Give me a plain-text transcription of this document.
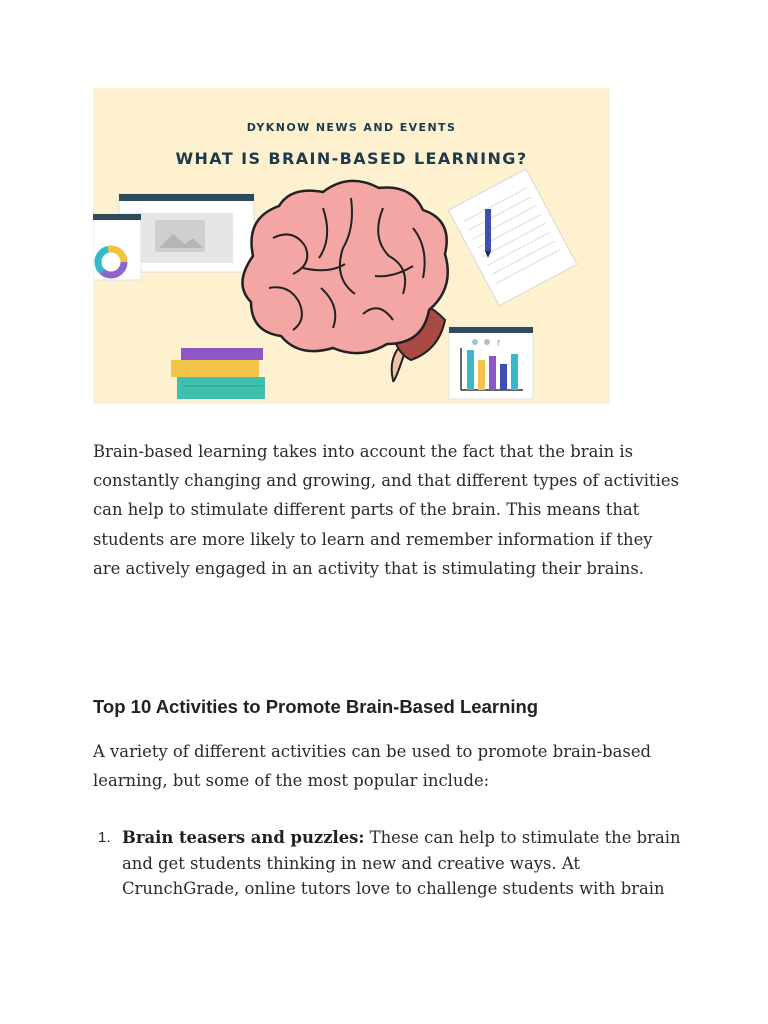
f
DYKNOW NEWS AND EVENTS
WHAT IS BRAIN-BASED LEARNING?

Brain-based learning takes into account the fact that the brain is constantly changing and growing, and that different types of activities can help to stimulate different parts of the brain. This means that students are more likely to learn and remember information if they are actively engaged in an activity that is stimulating their brains.

Top 10 Activities to Promote Brain-Based Learning

A variety of different activities can be used to promote brain-based learning, but some of the most popular include:

1. Brain teasers and puzzles: These can help to stimulate the brain and get students thinking in new and creative ways. At CrunchGrade, online tutors love to challenge students with brain
